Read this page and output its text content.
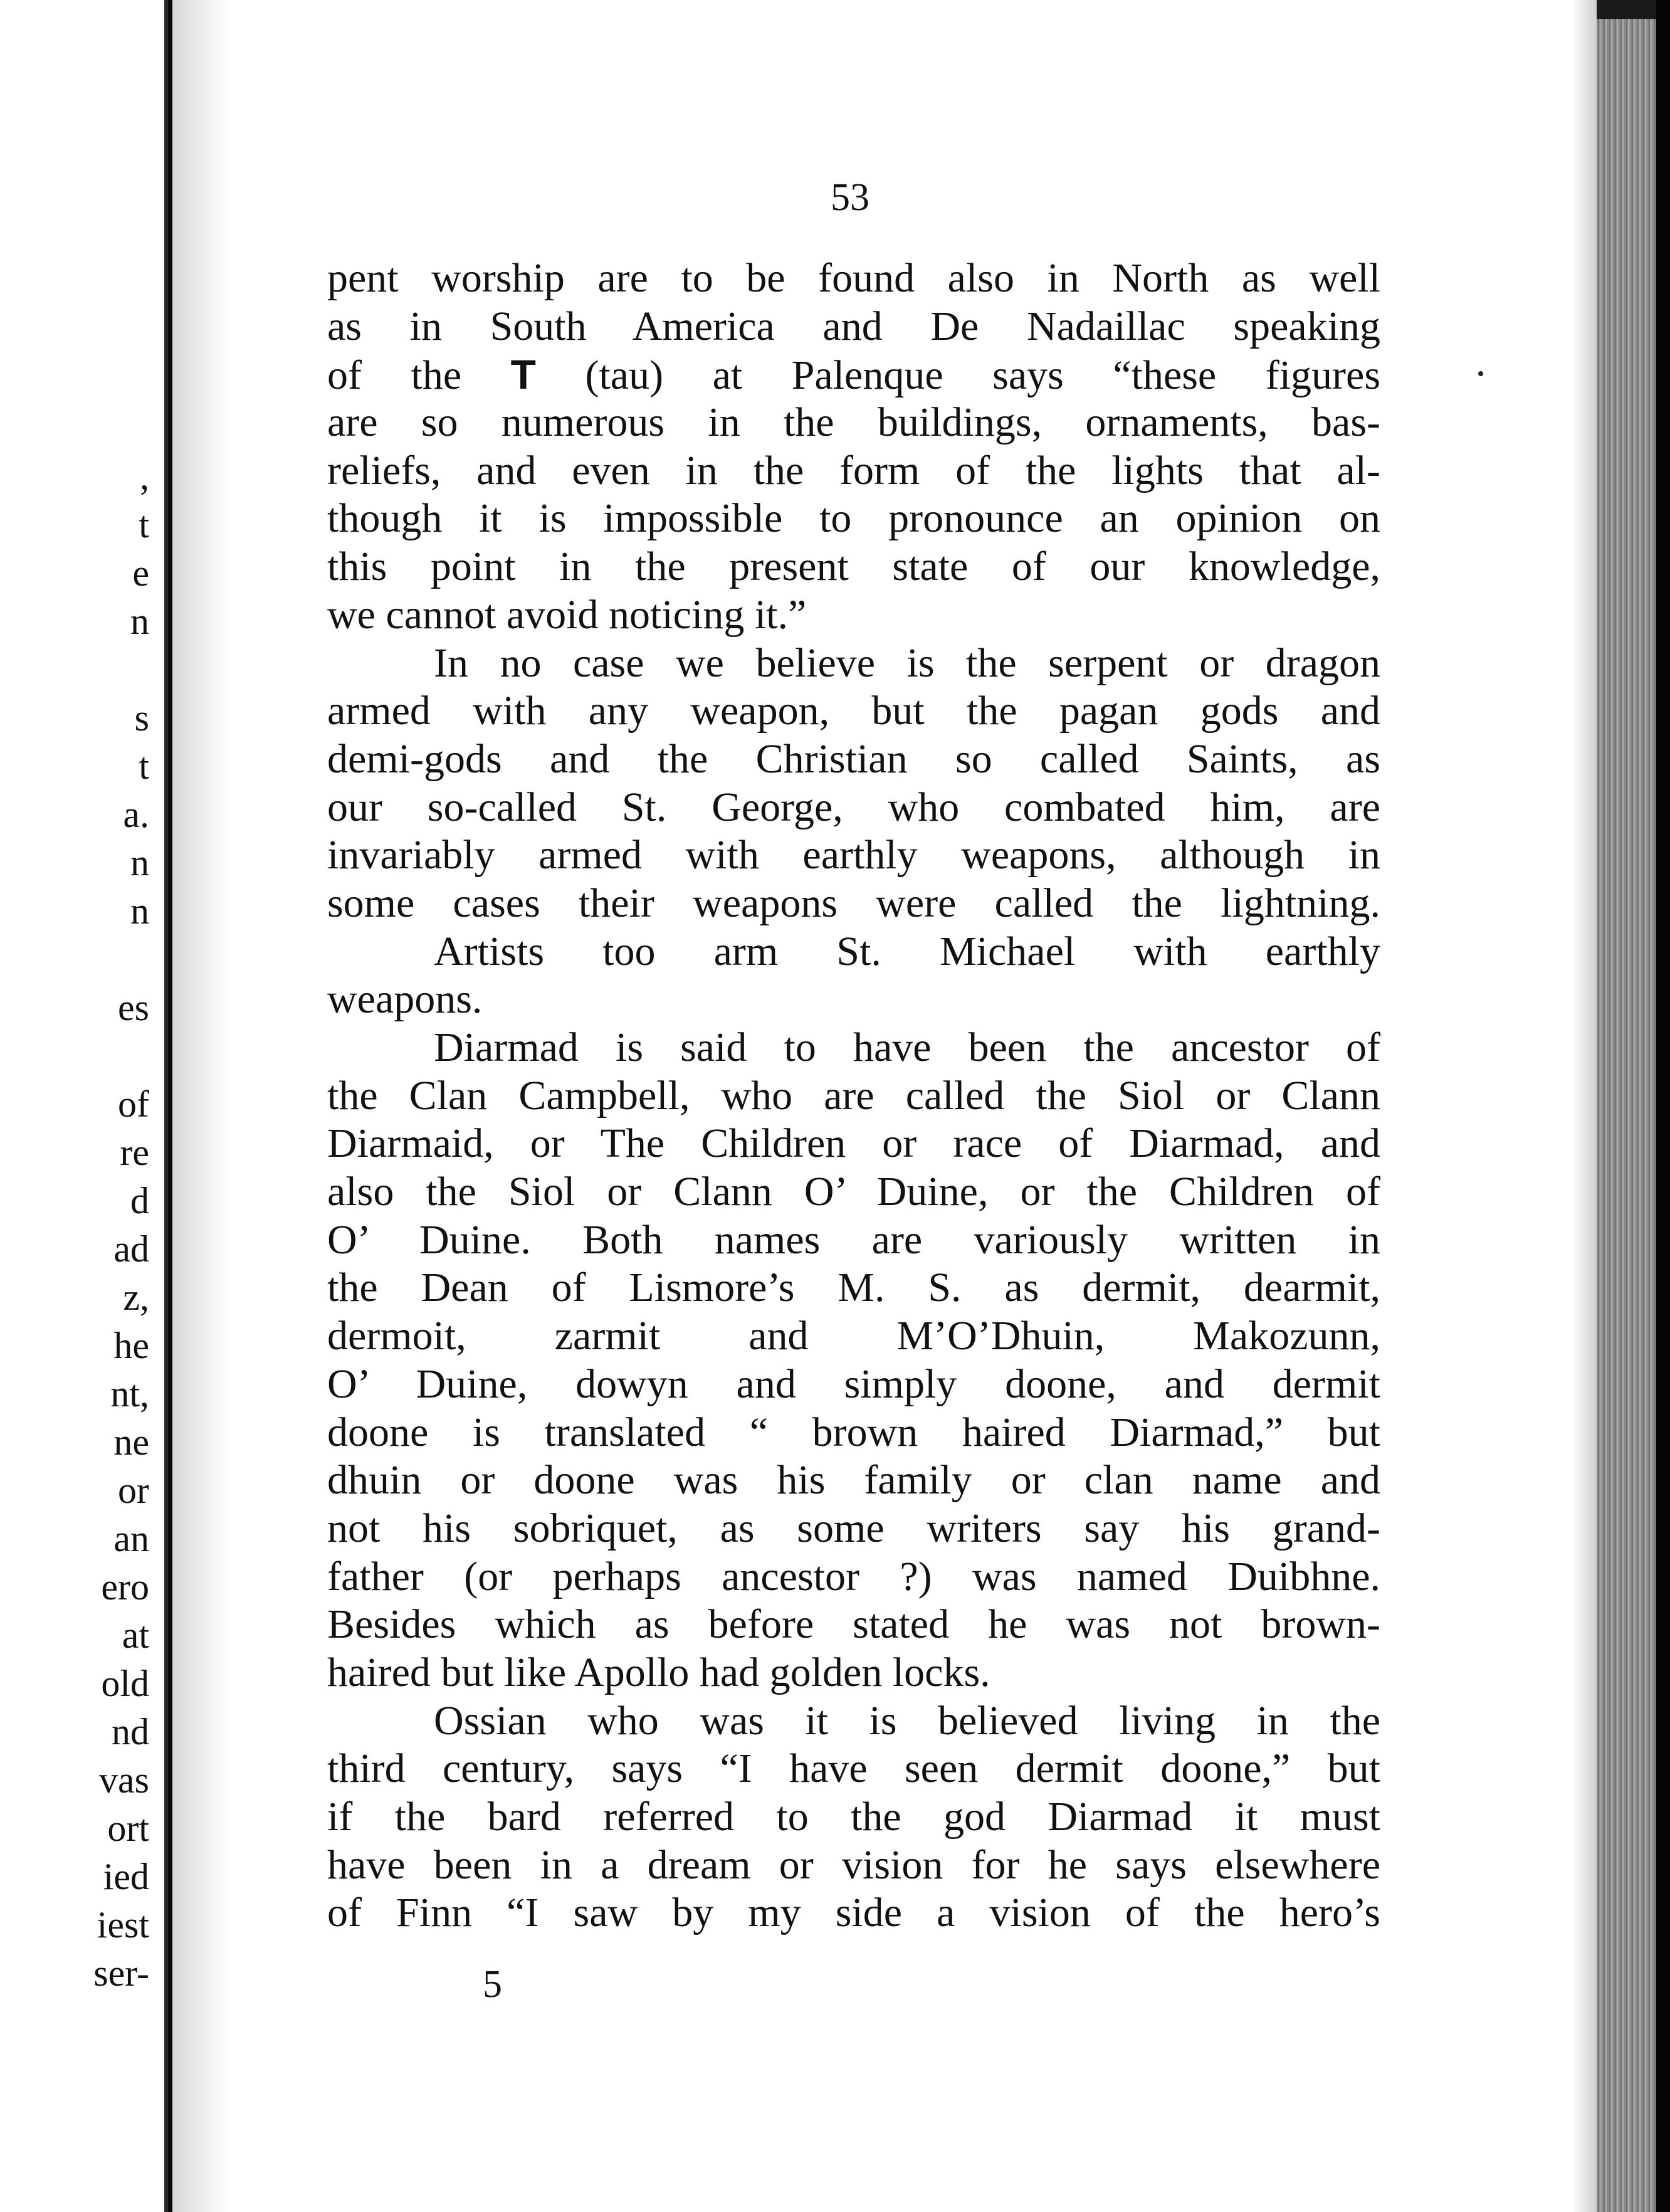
,
t
e
n
s
t
a.
n
n
es
of
re
d
ad
z,
he
nt,
ne
or
an
ero
at
old
nd
vas
ort
ied
iest
ser-
53
pent worship are to be found also in North as well
as in South America and De Nadaillac speaking
of the T (tau) at Palenque says “these figures
are so numerous in the buildings, ornaments, bas-
reliefs, and even in the form of the lights that al-
though it is impossible to pronounce an opinion on
this point in the present state of our knowledge,
we cannot avoid noticing it.”
In no case we believe is the serpent or dragon
armed with any weapon, but the pagan gods and
demi-gods and the Christian so called Saints, as
our so-called St. George, who combated him, are
invariably armed with earthly weapons, although in
some cases their weapons were called the lightning.
Artists too arm St. Michael with earthly
weapons.
Diarmad is said to have been the ancestor of
the Clan Campbell, who are called the Siol or Clann
Diarmaid, or The Children or race of Diarmad, and
also the Siol or Clann O’ Duine, or the Children of
O’ Duine. Both names are variously written in
the Dean of Lismore’s M. S. as dermit, dearmit,
dermoit, zarmit and M’O’Dhuin, Makozunn,
O’ Duine, dowyn and simply doone, and dermit
doone is translated “ brown haired Diarmad,” but
dhuin or doone was his family or clan name and
not his sobriquet, as some writers say his grand-
father (or perhaps ancestor ?) was named Duibhne.
Besides which as before stated he was not brown-
haired but like Apollo had golden locks.
Ossian who was it is believed living in the
third century, says “I have seen dermit doone,” but
if the bard referred to the god Diarmad it must
have been in a dream or vision for he says elsewhere
of Finn “I saw by my side a vision of the hero’s
5
